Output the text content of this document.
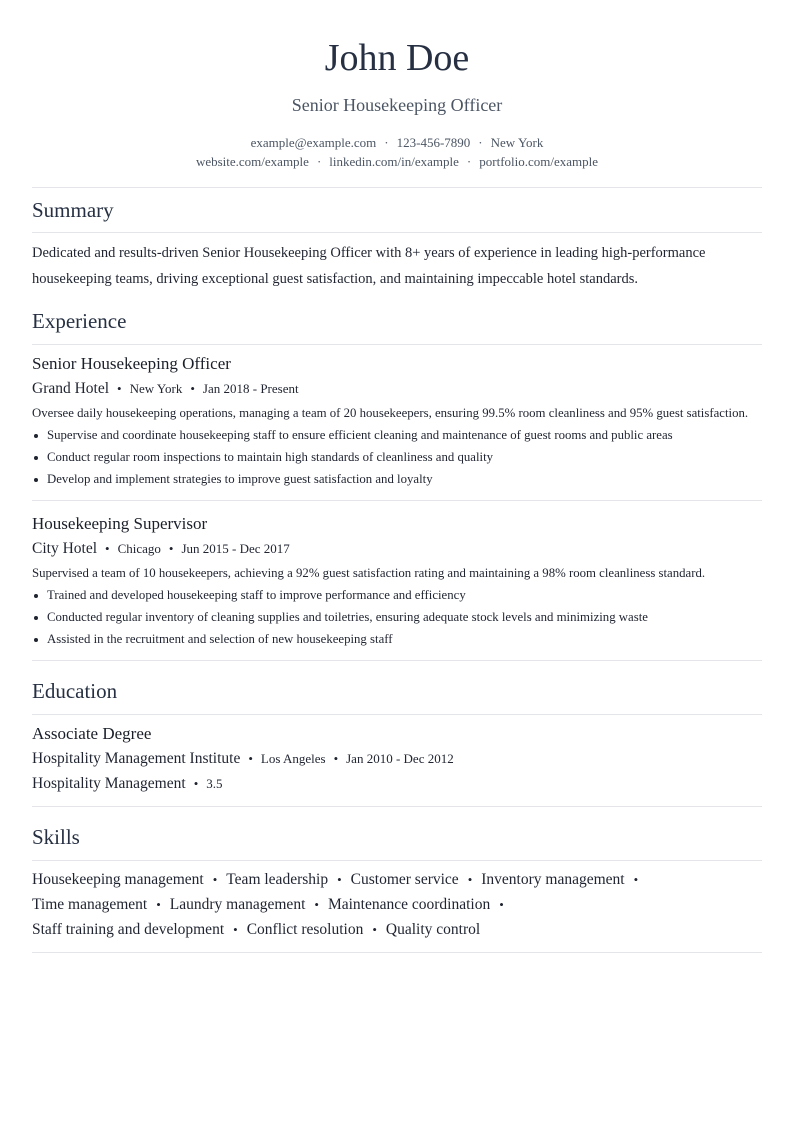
John Doe
Senior Housekeeping Officer
example@example.com · 123-456-7890 · New York
website.com/example · linkedin.com/in/example · portfolio.com/example
Summary
Dedicated and results-driven Senior Housekeeping Officer with 8+ years of experience in leading high-performance housekeeping teams, driving exceptional guest satisfaction, and maintaining impeccable hotel standards.
Experience
Senior Housekeeping Officer
Grand Hotel • New York • Jan 2018 - Present
Oversee daily housekeeping operations, managing a team of 20 housekeepers, ensuring 99.5% room cleanliness and 95% guest satisfaction.
Supervise and coordinate housekeeping staff to ensure efficient cleaning and maintenance of guest rooms and public areas
Conduct regular room inspections to maintain high standards of cleanliness and quality
Develop and implement strategies to improve guest satisfaction and loyalty
Housekeeping Supervisor
City Hotel • Chicago • Jun 2015 - Dec 2017
Supervised a team of 10 housekeepers, achieving a 92% guest satisfaction rating and maintaining a 98% room cleanliness standard.
Trained and developed housekeeping staff to improve performance and efficiency
Conducted regular inventory of cleaning supplies and toiletries, ensuring adequate stock levels and minimizing waste
Assisted in the recruitment and selection of new housekeeping staff
Education
Associate Degree
Hospitality Management Institute • Los Angeles • Jan 2010 - Dec 2012
Hospitality Management • 3.5
Skills
Housekeeping management • Team leadership • Customer service • Inventory management •
Time management • Laundry management • Maintenance coordination •
Staff training and development • Conflict resolution • Quality control
